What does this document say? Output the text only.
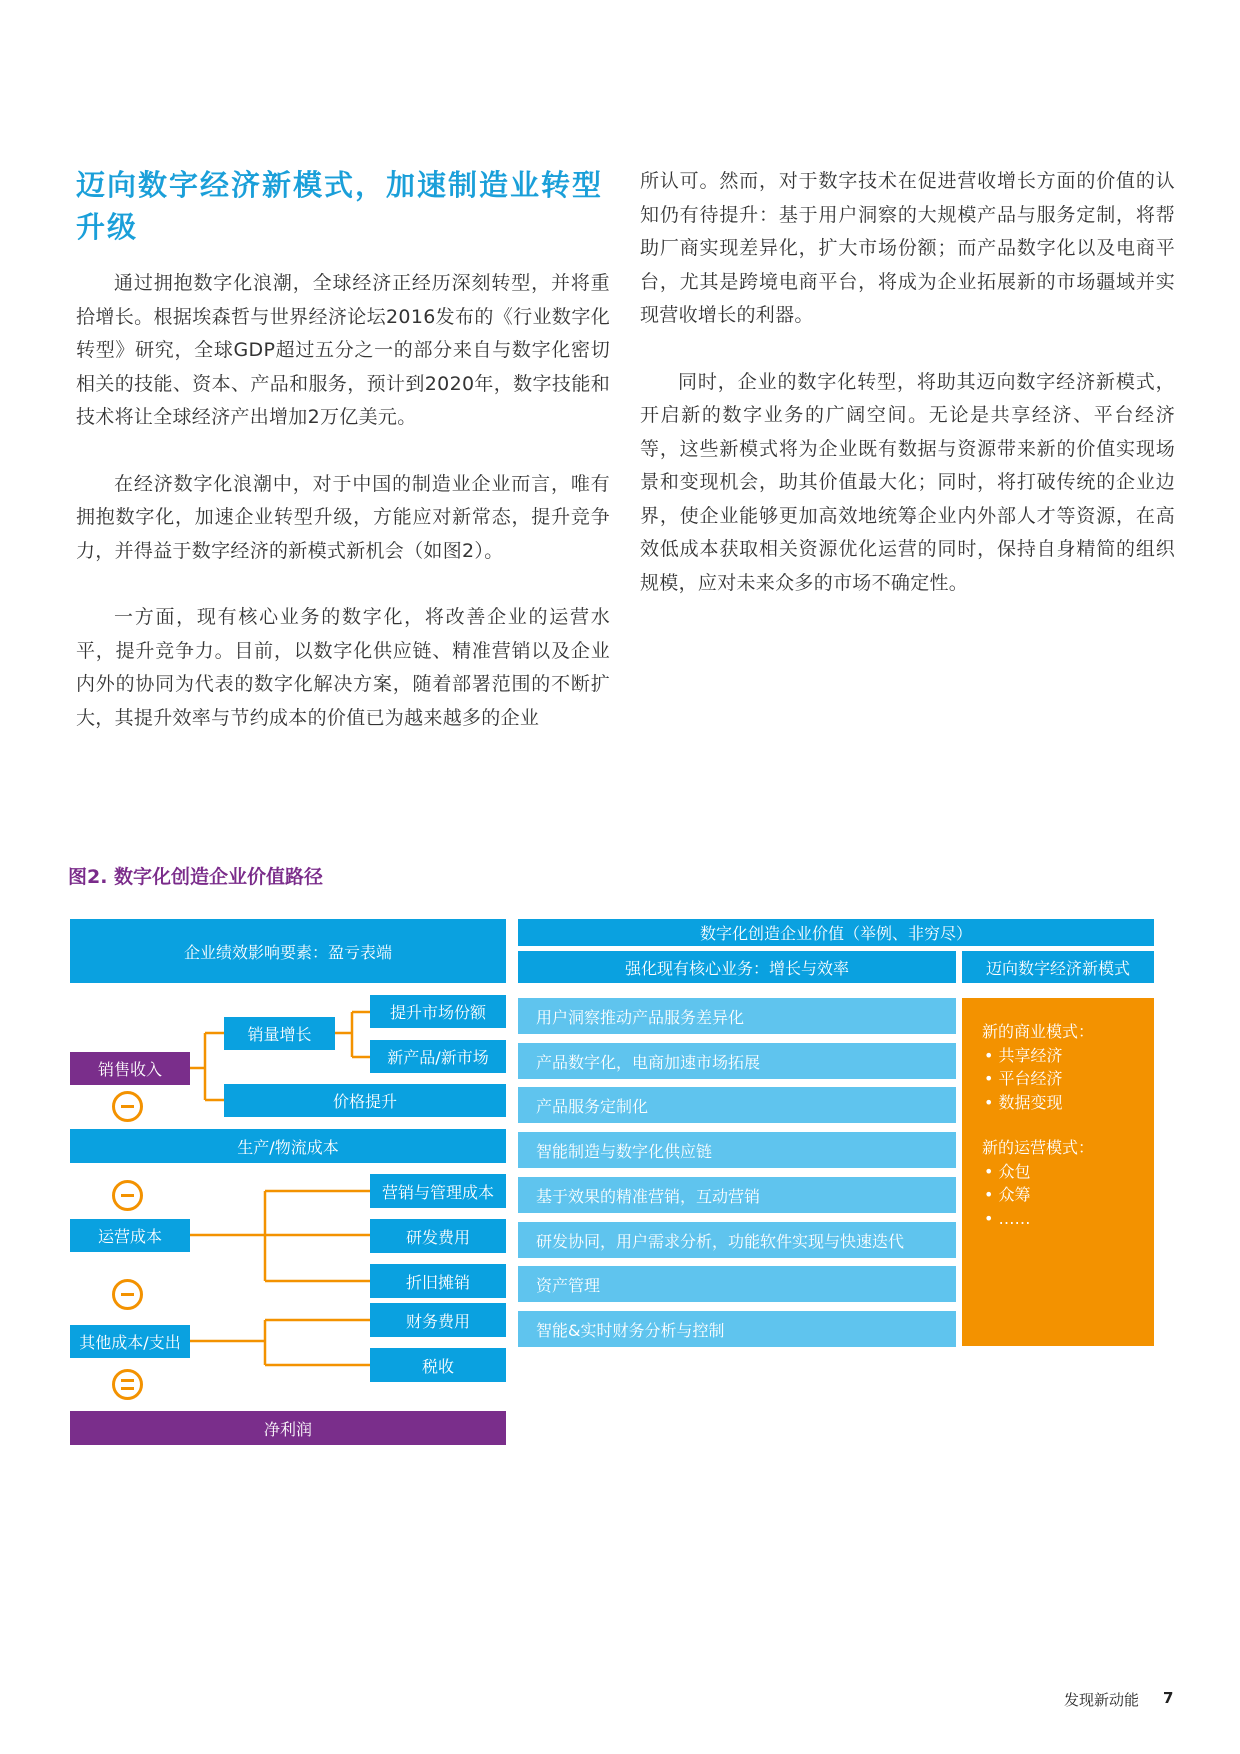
迈向数字经济新模式，加速制造业转型升级

通过拥抱数字化浪潮，全球经济正经历深刻转型，并将重拾增长。根据埃森哲与世界经济论坛2016发布的《行业数字化转型》研究，全球GDP超过五分之一的部分来自与数字化密切相关的技能、资本、产品和服务，预计到2020年，数字技能和技术将让全球经济产出增加2万亿美元。

在经济数字化浪潮中，对于中国的制造业企业而言，唯有拥抱数字化，加速企业转型升级，方能应对新常态，提升竞争力，并得益于数字经济的新模式新机会（如图2）。

一方面，现有核心业务的数字化，将改善企业的运营水平，提升竞争力。目前，以数字化供应链、精准营销以及企业内外的协同为代表的数字化解决方案，随着部署范围的不断扩大，其提升效率与节约成本的价值已为越来越多的企业

所认可。然而，对于数字技术在促进营收增长方面的价值的认知仍有待提升：基于用户洞察的大规模产品与服务定制，将帮助厂商实现差异化，扩大市场份额；而产品数字化以及电商平台，尤其是跨境电商平台，将成为企业拓展新的市场疆域并实现营收增长的利器。

同时，企业的数字化转型，将助其迈向数字经济新模式，开启新的数字业务的广阔空间。无论是共享经济、平台经济等，这些新模式将为企业既有数据与资源带来新的价值实现场景和变现机会，助其价值最大化；同时，将打破传统的企业边界，使企业能够更加高效地统筹企业内外部人才等资源，在高效低成本获取相关资源优化运营的同时，保持自身精简的组织规模，应对未来众多的市场不确定性。

图2. 数字化创造企业价值路径
企业绩效影响要素：盈亏表端
数字化创造企业价值（举例、非穷尽）
强化现有核心业务：增长与效率	迈向数字经济新模式
销售收入
销量增长
提升市场份额
新产品/新市场
价格提升
生产/物流成本
营销与管理成本
运营成本	研发费用
折旧摊销
财务费用
其他成本/支出
税收
净利润
用户洞察推动产品服务差异化
产品数字化，电商加速市场拓展
产品服务定制化
智能制造与数字化供应链
基于效果的精准营销，互动营销
研发协同，用户需求分析，功能软件实现与快速迭代
资产管理
智能&实时财务分析与控制
新的商业模式：
• 共享经济
• 平台经济
• 数据变现
新的运营模式：
• 众包
• 众筹
• ……
发现新动能 7
